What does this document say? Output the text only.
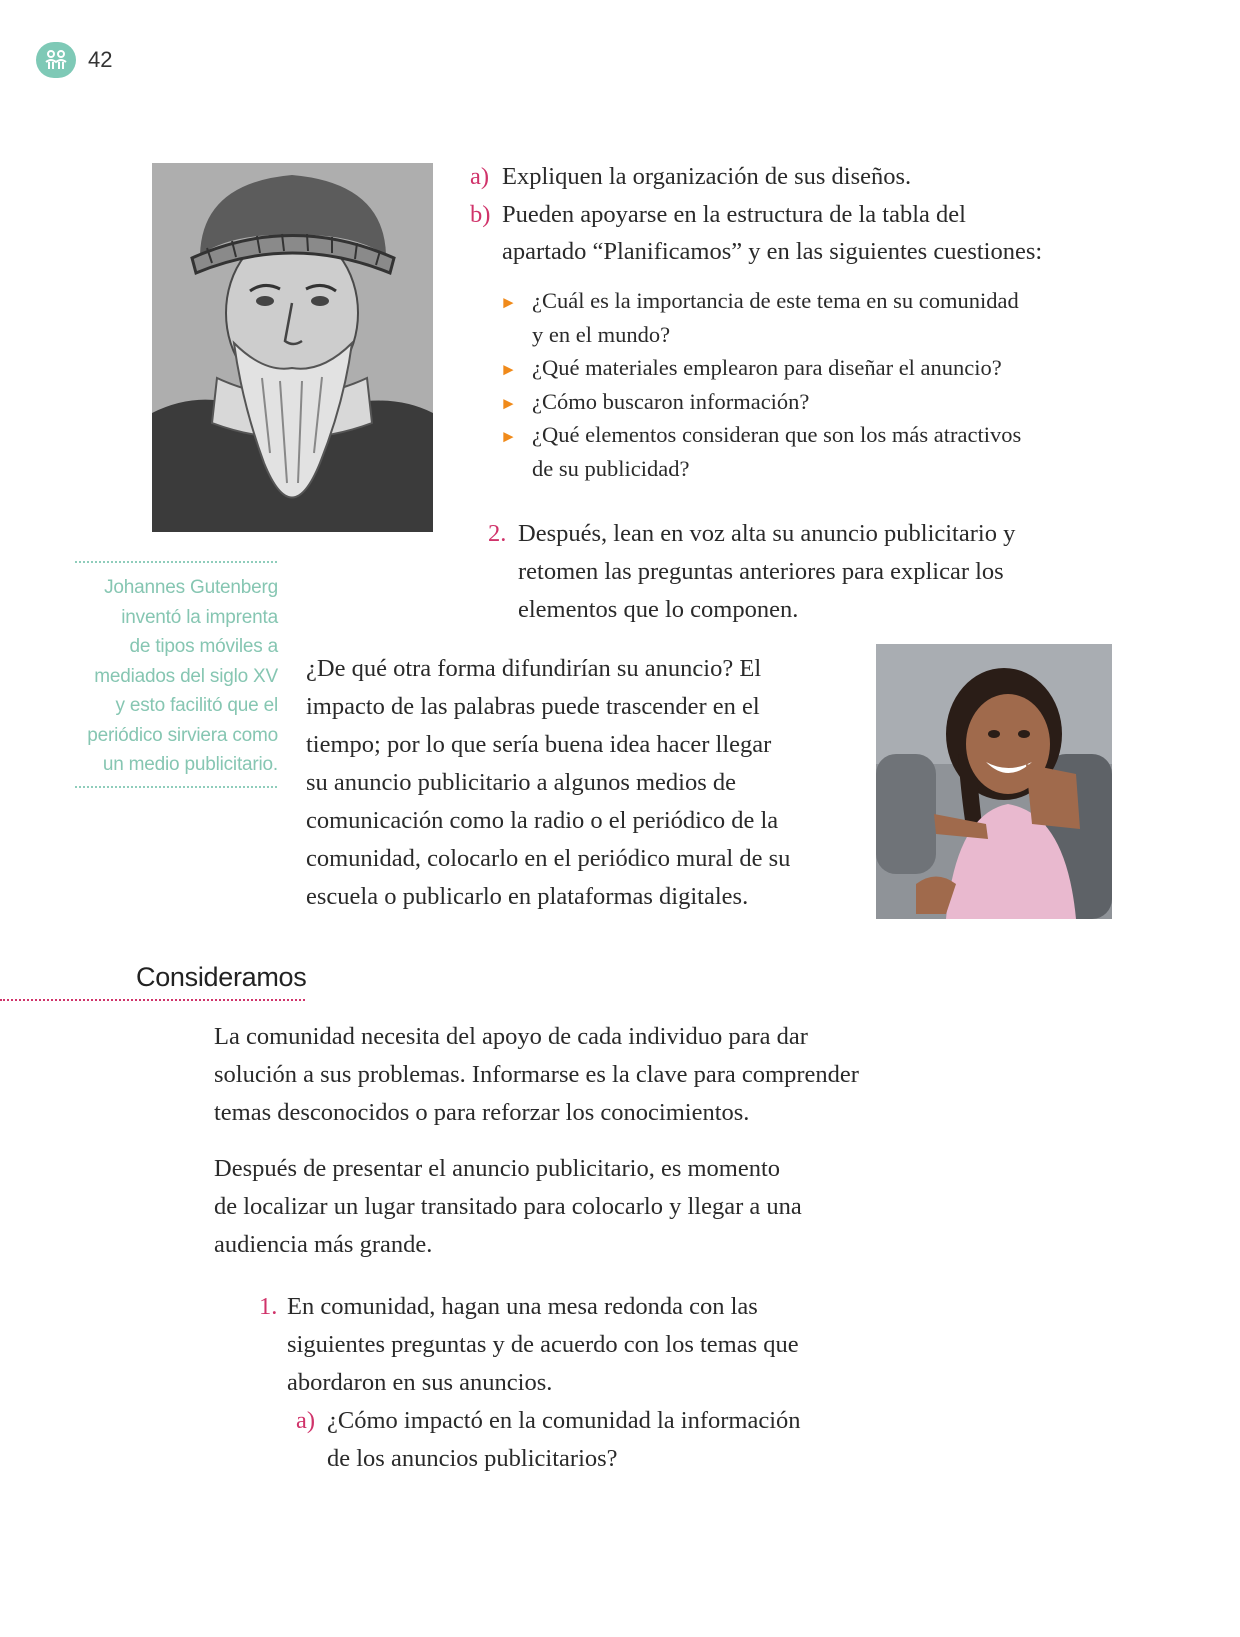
42
Johannes Gutenberg
inventó la imprenta
de tipos móviles a
mediados del siglo XV
y esto facilitó que el
periódico sirviera como
un medio publicitario.
a) Expliquen la organización de sus diseños.
b) Pueden apoyarse en la estructura de la tabla del
apartado “Planificamos” y en las siguientes cuestiones:
► ¿Cuál es la importancia de este tema en su comunidad
y en el mundo?
► ¿Qué materiales emplearon para diseñar el anuncio?
► ¿Cómo buscaron información?
► ¿Qué elementos consideran que son los más atractivos
de su publicidad?
2. Después, lean en voz alta su anuncio publicitario y
retomen las preguntas anteriores para explicar los
elementos que lo componen.
¿De qué otra forma difundirían su anuncio? El
impacto de las palabras puede trascender en el
tiempo; por lo que sería buena idea hacer llegar
su anuncio publicitario a algunos medios de
comunicación como la radio o el periódico de la
comunidad, colocarlo en el periódico mural de su
escuela o publicarlo en plataformas digitales.
Consideramos
La comunidad necesita del apoyo de cada individuo para dar
solución a sus problemas. Informarse es la clave para comprender
temas desconocidos o para reforzar los conocimientos.
Después de presentar el anuncio publicitario, es momento
de localizar un lugar transitado para colocarlo y llegar a una
audiencia más grande.
1. En comunidad, hagan una mesa redonda con las
siguientes preguntas y de acuerdo con los temas que
abordaron en sus anuncios.
a) ¿Cómo impactó en la comunidad la información
de los anuncios publicitarios?
